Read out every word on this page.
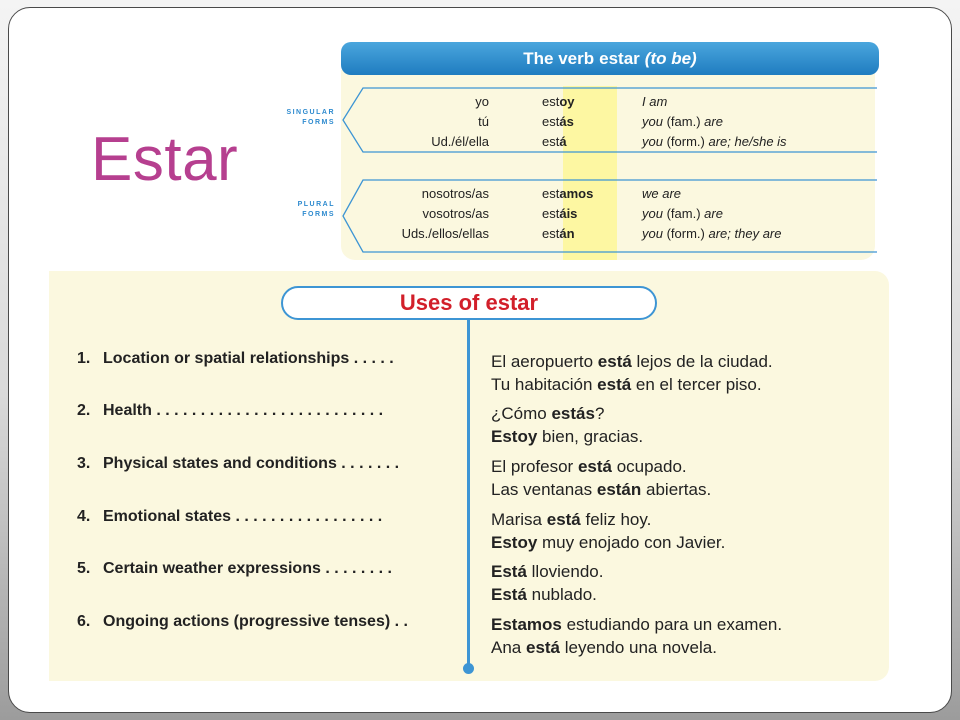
Estar
The verb estar (to be)
SINGULAR
FORMS
PLURAL
FORMS
yo	estoy	I am
tú	estás	you (fam.) are
Ud./él/ella	está	you (form.) are; he/she is
nosotros/as	estamos	we are
vosotros/as	estáis	you (fam.) are
Uds./ellos/ellas	están	you (form.) are; they are
Uses of estar
1. Location or spatial relationships . . . . .	El aeropuerto está lejos de la ciudad.
Tu habitación está en el tercer piso.
2. Health . . . . . . . . . . . . . . . . . . . . . . . . . .	¿Cómo estás?
Estoy bien, gracias.
3. Physical states and conditions . . . . . . .	El profesor está ocupado.
Las ventanas están abiertas.
4. Emotional states . . . . . . . . . . . . . . . . .	Marisa está feliz hoy.
Estoy muy enojado con Javier.
5. Certain weather expressions . . . . . . . .	Está lloviendo.
Está nublado.
6. Ongoing actions (progressive tenses) . .	Estamos estudiando para un examen.
Ana está leyendo una novela.
